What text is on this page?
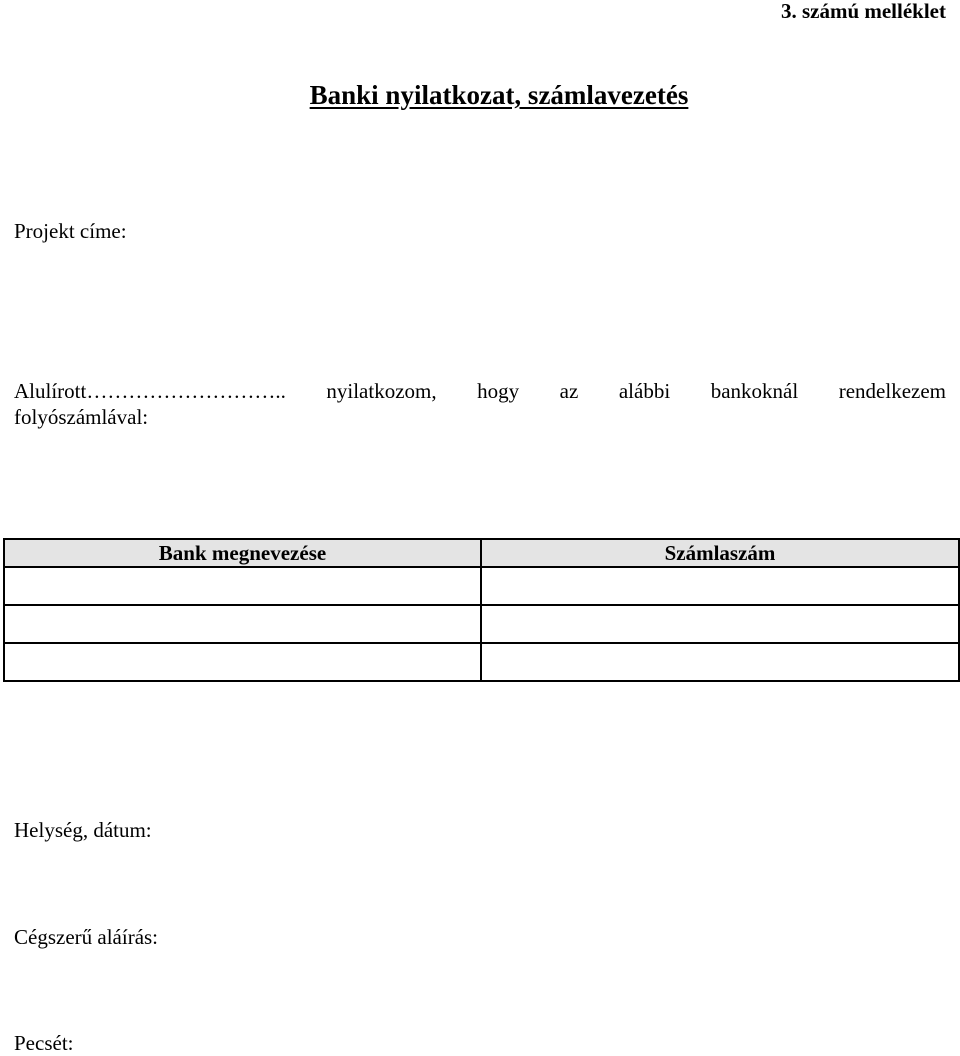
3. számú melléklet
Banki nyilatkozat, számlavezetés
Projekt címe:
Alulírott……………………….. nyilatkozom, hogy az alábbi bankoknál rendelkezem
folyószámlával:
Bank megnevezése	Számlaszám

Helység, dátum:
Cégszerű aláírás:
Pecsét:
